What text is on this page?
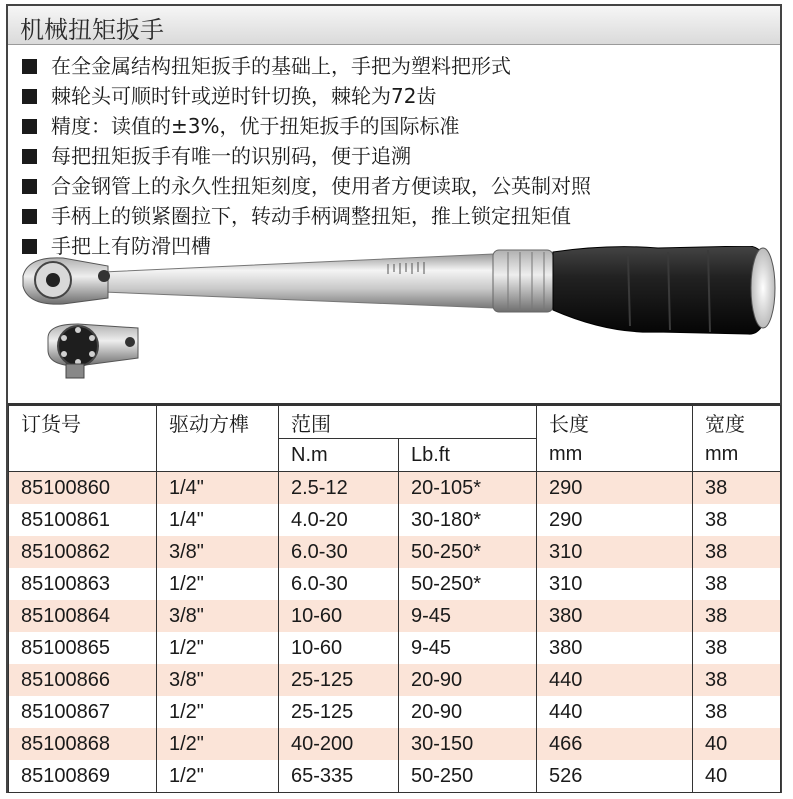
机械扭矩扳手
在全金属结构扭矩扳手的基础上，手把为塑料把形式
棘轮头可顺时针或逆时针切换，棘轮为72齿
精度：读值的±3%，优于扭矩扳手的国际标准
每把扭矩扳手有唯一的识别码，便于追溯
合金钢管上的永久性扭矩刻度，使用者方便读取，公英制对照
手柄上的锁紧圈拉下，转动手柄调整扭矩，推上锁定扭矩值
手把上有防滑凹槽
订货号	驱动方榫	范围		长度	宽度
		N.m	Lb.ft	mm	mm
85100860	1/4"	2.5-12	20-105*	290	38
85100861	1/4"	4.0-20	30-180*	290	38
85100862	3/8"	6.0-30	50-250*	310	38
85100863	1/2"	6.0-30	50-250*	310	38
85100864	3/8"	10-60	9-45	380	38
85100865	1/2"	10-60	9-45	380	38
85100866	3/8"	25-125	20-90	440	38
85100867	1/2"	25-125	20-90	440	38
85100868	1/2"	40-200	30-150	466	40
85100869	1/2"	65-335	50-250	526	40
